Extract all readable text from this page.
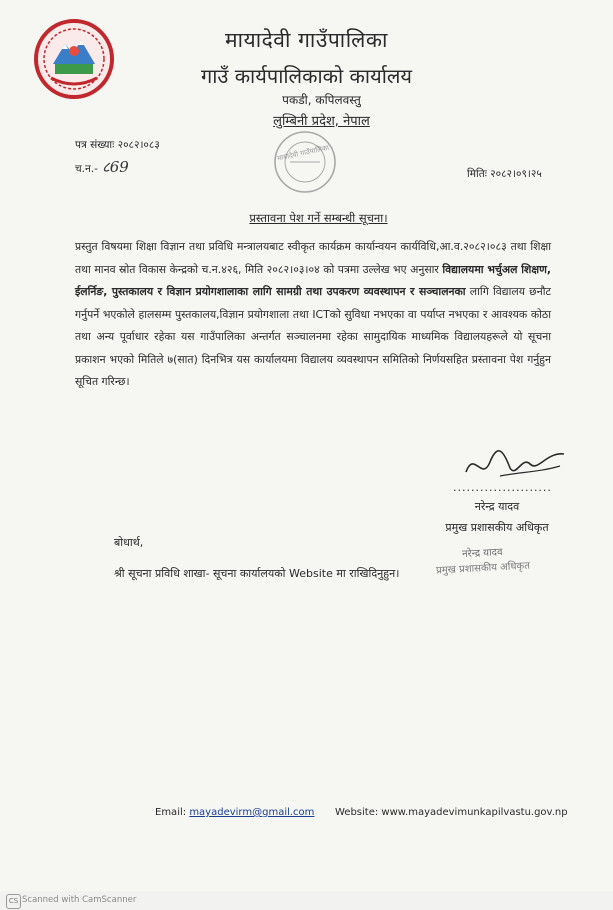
मायादेवी गाउँपालिका
गाउँ कार्यपालिकाको कार्यालय
पकडी, कपिलवस्तु
लुम्बिनी प्रदेश, नेपाल
पत्र संख्याः २०८२।०८३
च.न.- ८69	मितिः २०८२।०९।२५
मायादेवी गाउँपालिका
प्रस्तावना पेश गर्ने सम्बन्धी सूचना।
प्रस्तुत विषयमा शिक्षा विज्ञान तथा प्रविधि मन्त्रालयबाट स्वीकृत कार्यक्रम कार्यान्वयन कार्यविधि,आ.व.२०८२।०८३ तथा शिक्षा तथा मानव स्रोत विकास केन्द्रको च.न.४२६, मिति २०८२।०३।०४ को पत्रमा उल्लेख भए अनुसार विद्यालयमा भर्चुअल शिक्षण, ईलर्निङ, पुस्तकालय र विज्ञान प्रयोगशालाका लागि सामग्री तथा उपकरण व्यवस्थापन र सञ्चालनका लागि विद्यालय छनौट गर्नुपर्ने भएकोले हालसम्म पुस्तकालय,विज्ञान प्रयोगशाला तथा ICTको सुविधा नभएका वा पर्याप्त नभएका र आवश्यक कोठा तथा अन्य पूर्वाधार रहेका यस गाउँपालिका अन्तर्गत सञ्चालनमा रहेका सामुदायिक माध्यमिक विद्यालयहरूले यो सूचना प्रकाशन भएको मितिले ७(सात) दिनभित्र यस कार्यालयमा विद्यालय व्यवस्थापन समितिको निर्णयसहित प्रस्तावना पेश गर्नुहुन सूचित गरिन्छ।
......................
नरेन्द्र यादव
प्रमुख प्रशासकीय अधिकृत
नरेन्द्र यादव
प्रमुख प्रशासकीय अधिकृत
बोधार्थ,
श्री सूचना प्रविधि शाखा- सूचना कार्यालयको Website मा राखिदिनुहुन।
Email: mayadevirm@gmail.com Website: www.mayadevimunkapilvastu.gov.np
CS Scanned with CamScanner
